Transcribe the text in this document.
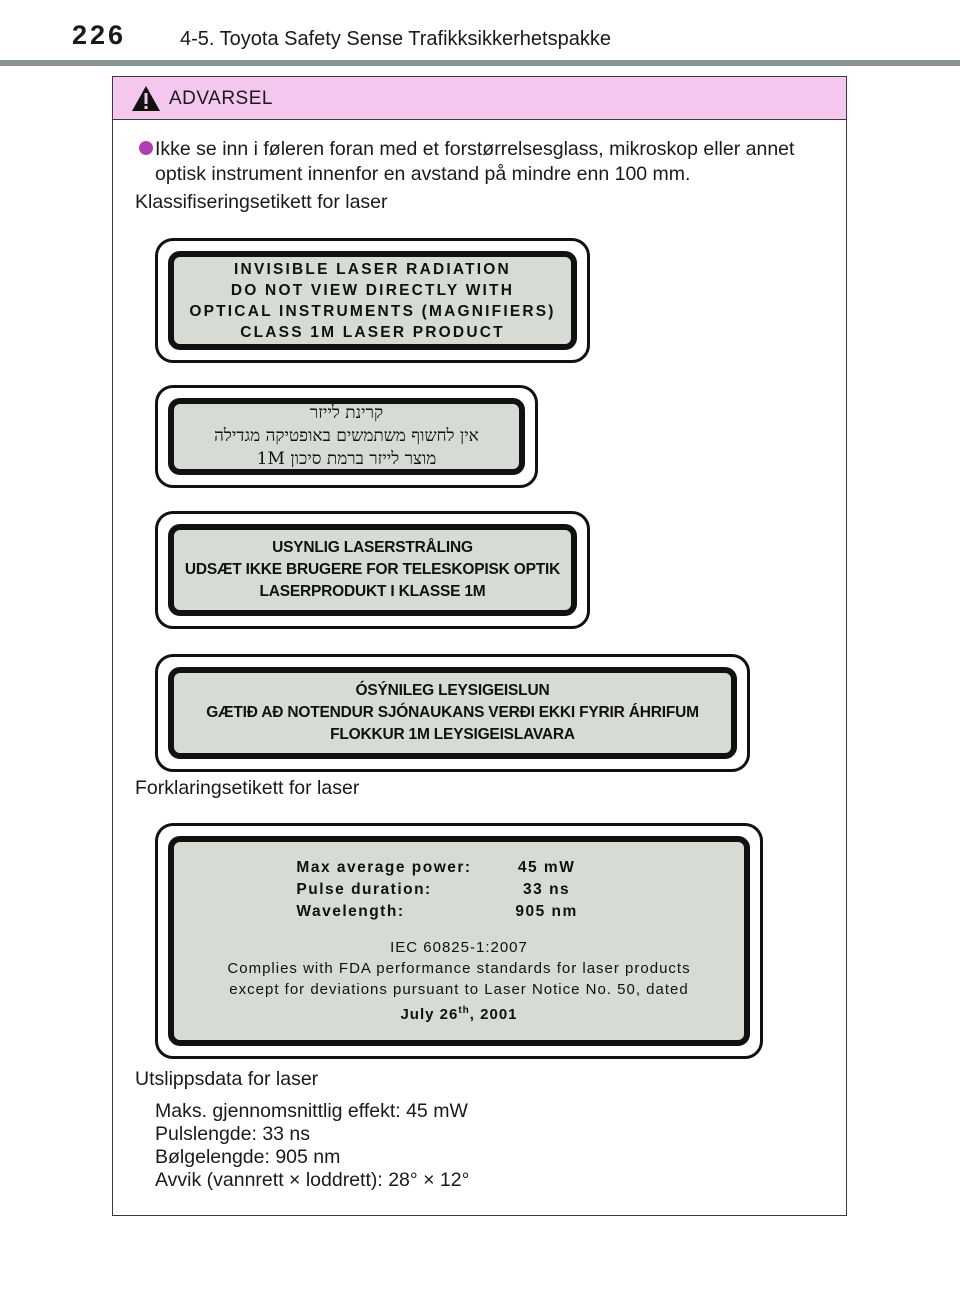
226	4-5. Toyota Safety Sense Trafikksikkerhetspakke
ADVARSEL
Ikke se inn i føleren foran med et forstørrelsesglass, mikroskop eller annet optisk instrument innenfor en avstand på mindre enn 100 mm.
Klassifiseringsetikett for laser
INVISIBLE LASER RADIATION
DO NOT VIEW DIRECTLY WITH
OPTICAL INSTRUMENTS (MAGNIFIERS)
CLASS 1M LASER PRODUCT
קרינת לייזר
אין לחשוף משתמשים באופטיקה מגדילה
מוצר לייזר ברמת סיכון 1M
USYNLIG LASERSTRÅLING
UDSÆT IKKE BRUGERE FOR TELESKOPISK OPTIK
LASERPRODUKT I KLASSE 1M
ÓSÝNILEG LEYSIGEISLUN
GÆTIÐ AÐ NOTENDUR SJÓNAUKANS VERÐI EKKI FYRIR ÁHRIFUM
FLOKKUR 1M LEYSIGEISLAVARA
Forklaringsetikett for laser
Max average power:	45 mW
Pulse duration:	33 ns
Wavelength:	905 nm
IEC 60825-1:2007
Complies with FDA performance standards for laser products
except for deviations pursuant to Laser Notice No. 50, dated
July 26th, 2001
Utslippsdata for laser
Maks. gjennomsnittlig effekt: 45 mW
Pulslengde: 33 ns
Bølgelengde: 905 nm
Avvik (vannrett × loddrett): 28° × 12°
